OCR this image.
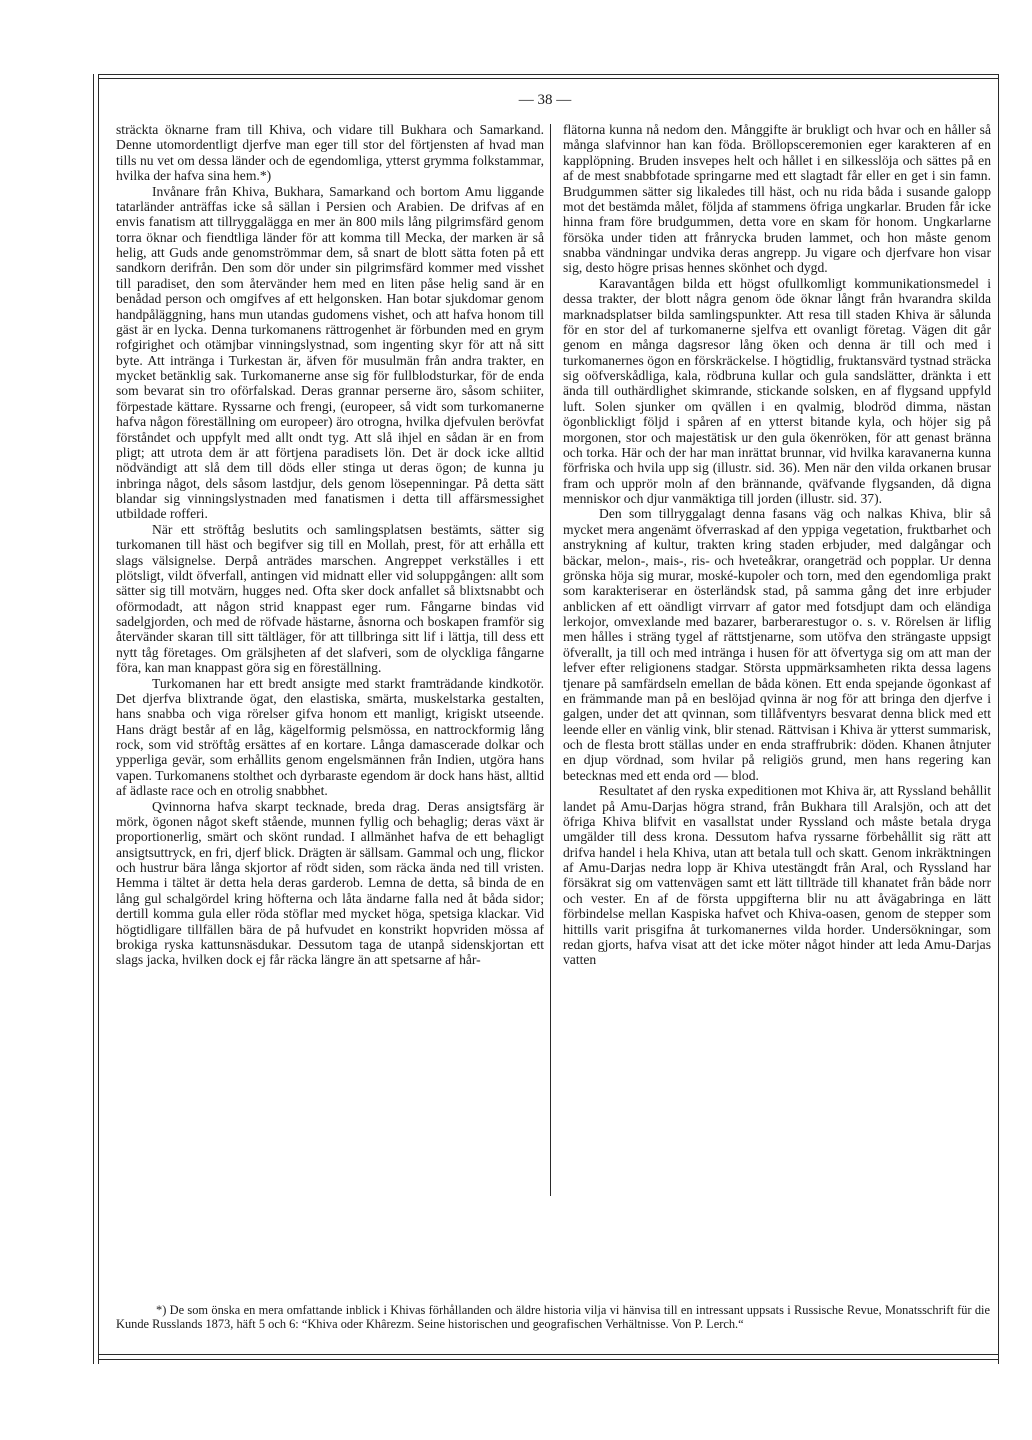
— 38 —

sträckta öknarne fram till Khiva, och vidare till Bukhara och Samarkand. Denne utomordentligt djerfve man eger till stor del förtjensten af hvad man tills nu vet om dessa länder och de egendomliga, ytterst grymma folkstammar, hvilka der hafva sina hem.*)

Invånare från Khiva, Bukhara, Samarkand och bortom Amu liggande tatarländer anträffas icke så sällan i Persien och Arabien. De drifvas af en envis fanatism att tillryggalägga en mer än 800 mils lång pilgrimsfärd genom torra öknar och fiendtliga länder för att komma till Mecka, der marken är så helig, att Guds ande genomströmmar dem, så snart de blott sätta foten på ett sandkorn derifrån. Den som dör under sin pilgrimsfärd kommer med visshet till paradiset, den som återvänder hem med en liten påse helig sand är en benådad person och omgifves af ett helgonsken. Han botar sjukdomar genom handpåläggning, hans mun utandas gudomens vishet, och att hafva honom till gäst är en lycka. Denna turkomanens rättrogenhet är förbunden med en grym rofgirighet och otämjbar vinningslystnad, som ingenting skyr för att nå sitt byte. Att intränga i Turkestan är, äfven för musulmän från andra trakter, en mycket betänklig sak. Turkomanerne anse sig för fullblodsturkar, för de enda som bevarat sin tro oförfalskad. Deras grannar perserne äro, såsom schiiter, förpestade kättare. Ryssarne och frengi, (europeer, så vidt som turkomanerne hafva någon föreställning om europeer) äro otrogna, hvilka djefvulen berövfat förståndet och uppfylt med allt ondt tyg. Att slå ihjel en sådan är en from pligt; att utrota dem är att förtjena paradisets lön. Det är dock icke alltid nödvändigt att slå dem till döds eller stinga ut deras ögon; de kunna ju inbringa något, dels såsom lastdjur, dels genom lösepenningar. På detta sätt blandar sig vinningslystnaden med fanatismen i detta till affärsmessighet utbildade rofferi.

När ett ströftåg beslutits och samlingsplatsen bestämts, sätter sig turkomanen till häst och begifver sig till en Mollah, prest, för att erhålla ett slags välsignelse. Derpå anträdes marschen. Angreppet verkställes i ett plötsligt, vildt öfverfall, antingen vid midnatt eller vid soluppgången: allt som sätter sig till motvärn, hugges ned. Ofta sker dock anfallet så blixtsnabbt och oförmodadt, att någon strid knappast eger rum. Fångarne bindas vid sadelgjorden, och med de röfvade hästarne, åsnorna och boskapen framför sig återvänder skaran till sitt tältläger, för att tillbringa sitt lif i lättja, till dess ett nytt tåg företages. Om grälsjheten af det slafveri, som de olyckliga fångarne föra, kan man knappast göra sig en föreställning.

Turkomanen har ett bredt ansigte med starkt framträdande kindkotör. Det djerfva blixtrande ögat, den elastiska, smärta, muskelstarka gestalten, hans snabba och viga rörelser gifva honom ett manligt, krigiskt utseende. Hans drägt består af en låg, kägelformig pelsmössa, en nattrockformig lång rock, som vid ströftåg ersättes af en kortare. Långa damascerade dolkar och ypperliga gevär, som erhållits genom engelsmännen från Indien, utgöra hans vapen. Turkomanens stolthet och dyrbaraste egendom är dock hans häst, alltid af ädlaste race och en otrolig snabbhet.

Qvinnorna hafva skarpt tecknade, breda drag. Deras ansigtsfärg är mörk, ögonen något skeft stående, munnen fyllig och behaglig; deras växt är proportionerlig, smärt och skönt rundad. I allmänhet hafva de ett behagligt ansigtsuttryck, en fri, djerf blick. Drägten är sällsam. Gammal och ung, flickor och hustrur bära långa skjortor af rödt siden, som räcka ända ned till vristen. Hemma i tältet är detta hela deras garderob. Lemna de detta, så binda de en lång gul schalgördel kring höfterna och låta ändarne falla ned åt båda sidor; dertill komma gula eller röda stöflar med mycket höga, spetsiga klackar. Vid högtidligare tillfällen bära de på hufvudet en konstrikt hopvriden mössa af brokiga ryska kattunsnäsdukar. Dessutom taga de utanpå sidenskjortan ett slags jacka, hvilken dock ej får räcka längre än att spetsarne af hår-

flätorna kunna nå nedom den. Månggifte är brukligt och hvar och en håller så många slafvinnor han kan föda. Bröllopsceremonien eger karakteren af en kapplöpning. Bruden insvepes helt och hållet i en silkesslöja och sättes på en af de mest snabbfotade springarne med ett slagtadt får eller en get i sin famn. Brudgummen sätter sig likaledes till häst, och nu rida båda i susande galopp mot det bestämda målet, följda af stammens öfriga ungkarlar. Bruden får icke hinna fram före brudgummen, detta vore en skam för honom. Ungkarlarne försöka under tiden att frånrycka bruden lammet, och hon måste genom snabba vändningar undvika deras angrepp. Ju vigare och djerfvare hon visar sig, desto högre prisas hennes skönhet och dygd.

Karavantågen bilda ett högst ofullkomligt kommunikationsmedel i dessa trakter, der blott några genom öde öknar långt från hvarandra skilda marknadsplatser bilda samlingspunkter. Att resa till staden Khiva är sålunda för en stor del af turkomanerne sjelfva ett ovanligt företag. Vägen dit går genom en många dagsresor lång öken och denna är till och med i turkomanernes ögon en förskräckelse. I högtidlig, fruktansvärd tystnad sträcka sig oöfverskådliga, kala, rödbruna kullar och gula sandslätter, dränkta i ett ända till outhärdlighet skimrande, stickande solsken, en af flygsand uppfyld luft. Solen sjunker om qvällen i en qvalmig, blodröd dimma, nästan ögonblickligt följd i spåren af en ytterst bitande kyla, och höjer sig på morgonen, stor och majestätisk ur den gula ökenröken, för att genast bränna och torka. Här och der har man inrättat brunnar, vid hvilka karavanerna kunna förfriska och hvila upp sig (illustr. sid. 36). Men när den vilda orkanen brusar fram och upprör moln af den brännande, qväfvande flygsanden, då digna menniskor och djur vanmäktiga till jorden (illustr. sid. 37).

Den som tillryggalagt denna fasans väg och nalkas Khiva, blir så mycket mera angenämt öfverraskad af den yppiga vegetation, fruktbarhet och anstrykning af kultur, trakten kring staden erbjuder, med dalgångar och bäckar, melon-, mais-, ris- och hveteåkrar, orangeträd och popplar. Ur denna grönska höja sig murar, moské-kupoler och torn, med den egendomliga prakt som karakteriserar en österländsk stad, på samma gång det inre erbjuder anblicken af ett oändligt virrvarr af gator med fotsdjupt dam och eländiga lerkojor, omvexlande med bazarer, barberarestugor o. s. v. Rörelsen är liflig men hålles i sträng tygel af rättstjenarne, som utöfva den strängaste uppsigt öfverallt, ja till och med intränga i husen för att öfvertyga sig om att man der lefver efter religionens stadgar. Största uppmärksamheten rikta dessa lagens tjenare på samfärdseln emellan de båda könen. Ett enda spejande ögonkast af en främmande man på en beslöjad qvinna är nog för att bringa den djerfve i galgen, under det att qvinnan, som tillåfventyrs besvarat denna blick med ett leende eller en vänlig vink, blir stenad. Rättvisan i Khiva är ytterst summarisk, och de flesta brott ställas under en enda straffrubrik: döden. Khanen åtnjuter en djup vördnad, som hvilar på religiös grund, men hans regering kan betecknas med ett enda ord — blod.

Resultatet af den ryska expeditionen mot Khiva är, att Ryssland behållit landet på Amu-Darjas högra strand, från Bukhara till Aralsjön, och att det öfriga Khiva blifvit en vasallstat under Ryssland och måste betala dryga umgälder till dess krona. Dessutom hafva ryssarne förbehållit sig rätt att drifva handel i hela Khiva, utan att betala tull och skatt. Genom inkräktningen af Amu-Darjas nedra lopp är Khiva utestängdt från Aral, och Ryssland har försäkrat sig om vattenvägen samt ett lätt tillträde till khanatet från både norr och vester. En af de första uppgifterna blir nu att åvägabringa en lätt förbindelse mellan Kaspiska hafvet och Khiva-oasen, genom de stepper som hittills varit prisgifna åt turkomanernes vilda horder. Undersökningar, som redan gjorts, hafva visat att det icke möter något hinder att leda Amu-Darjas vatten

*) De som önska en mera omfattande inblick i Khivas förhållanden och äldre historia vilja vi hänvisa till en intressant uppsats i Russische Revue, Monatsschrift für die Kunde Russlands 1873, häft 5 och 6: “Khiva oder Khârezm. Seine historischen und geografischen Verhältnisse. Von P. Lerch.“
